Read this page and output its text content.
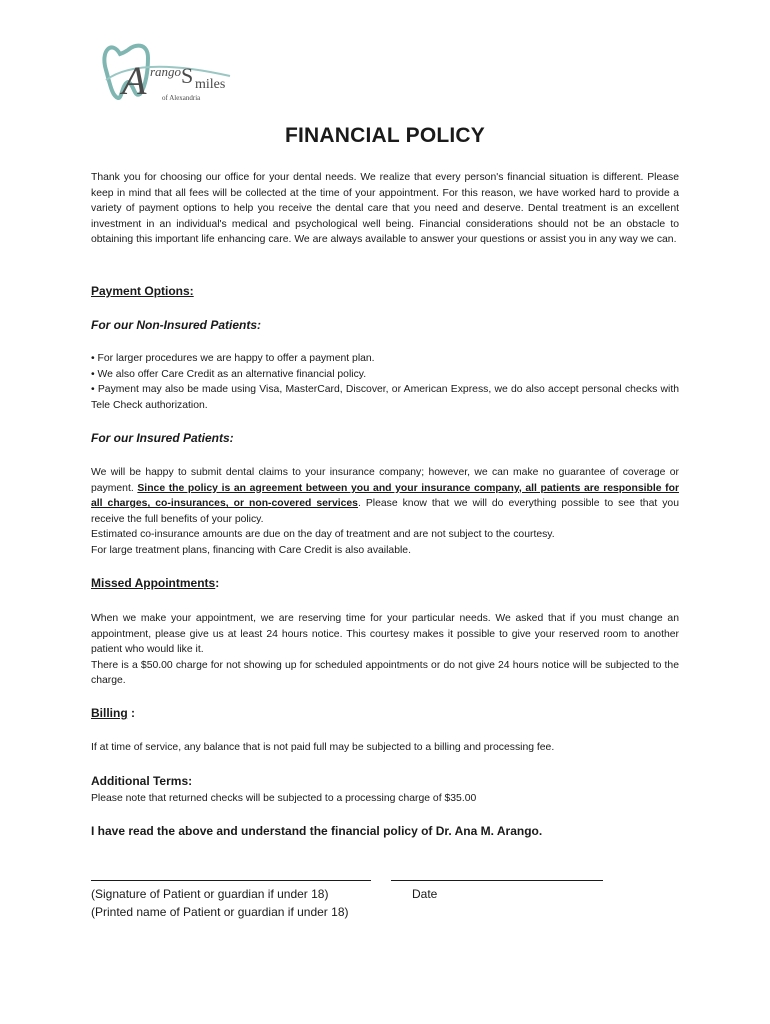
A rango S miles
of Alexandria
FINANCIAL POLICY
Thank you for choosing our office for your dental needs. We realize that every person's financial situation is different. Please keep in mind that all fees will be collected at the time of your appointment. For this reason, we have worked hard to provide a variety of payment options to help you receive the dental care that you need and deserve. Dental treatment is an excellent investment in an individual's medical and psychological well being. Financial considerations should not be an obstacle to obtaining this important life enhancing care. We are always available to answer your questions or assist you in any way we can.
Payment Options:
For our Non-Insured Patients:
• For larger procedures we are happy to offer a payment plan.
• We also offer Care Credit as an alternative financial policy.
• Payment may also be made using Visa, MasterCard, Discover, or American Express, we do also accept personal checks with Tele Check authorization.
For our Insured Patients:
We will be happy to submit dental claims to your insurance company; however, we can make no guarantee of coverage or payment. Since the policy is an agreement between you and your insurance company, all patients are responsible for all charges, co-insurances, or non-covered services. Please know that we will do everything possible to see that you receive the full benefits of your policy.
Estimated co-insurance amounts are due on the day of treatment and are not subject to the courtesy.
For large treatment plans, financing with Care Credit is also available.
Missed Appointments:
When we make your appointment, we are reserving time for your particular needs. We asked that if you must change an appointment, please give us at least 24 hours notice. This courtesy makes it possible to give your reserved room to another patient who would like it.
There is a $50.00 charge for not showing up for scheduled appointments or do not give 24 hours notice will be subjected to the charge.
Billing :
If at time of service, any balance that is not paid full may be subjected to a billing and processing fee.
Additional Terms:
Please note that returned checks will be subjected to a processing charge of $35.00
I have read the above and understand the financial policy of Dr. Ana M. Arango.
(Signature of Patient or guardian if under 18)	Date
(Printed name of Patient or guardian if under 18)
